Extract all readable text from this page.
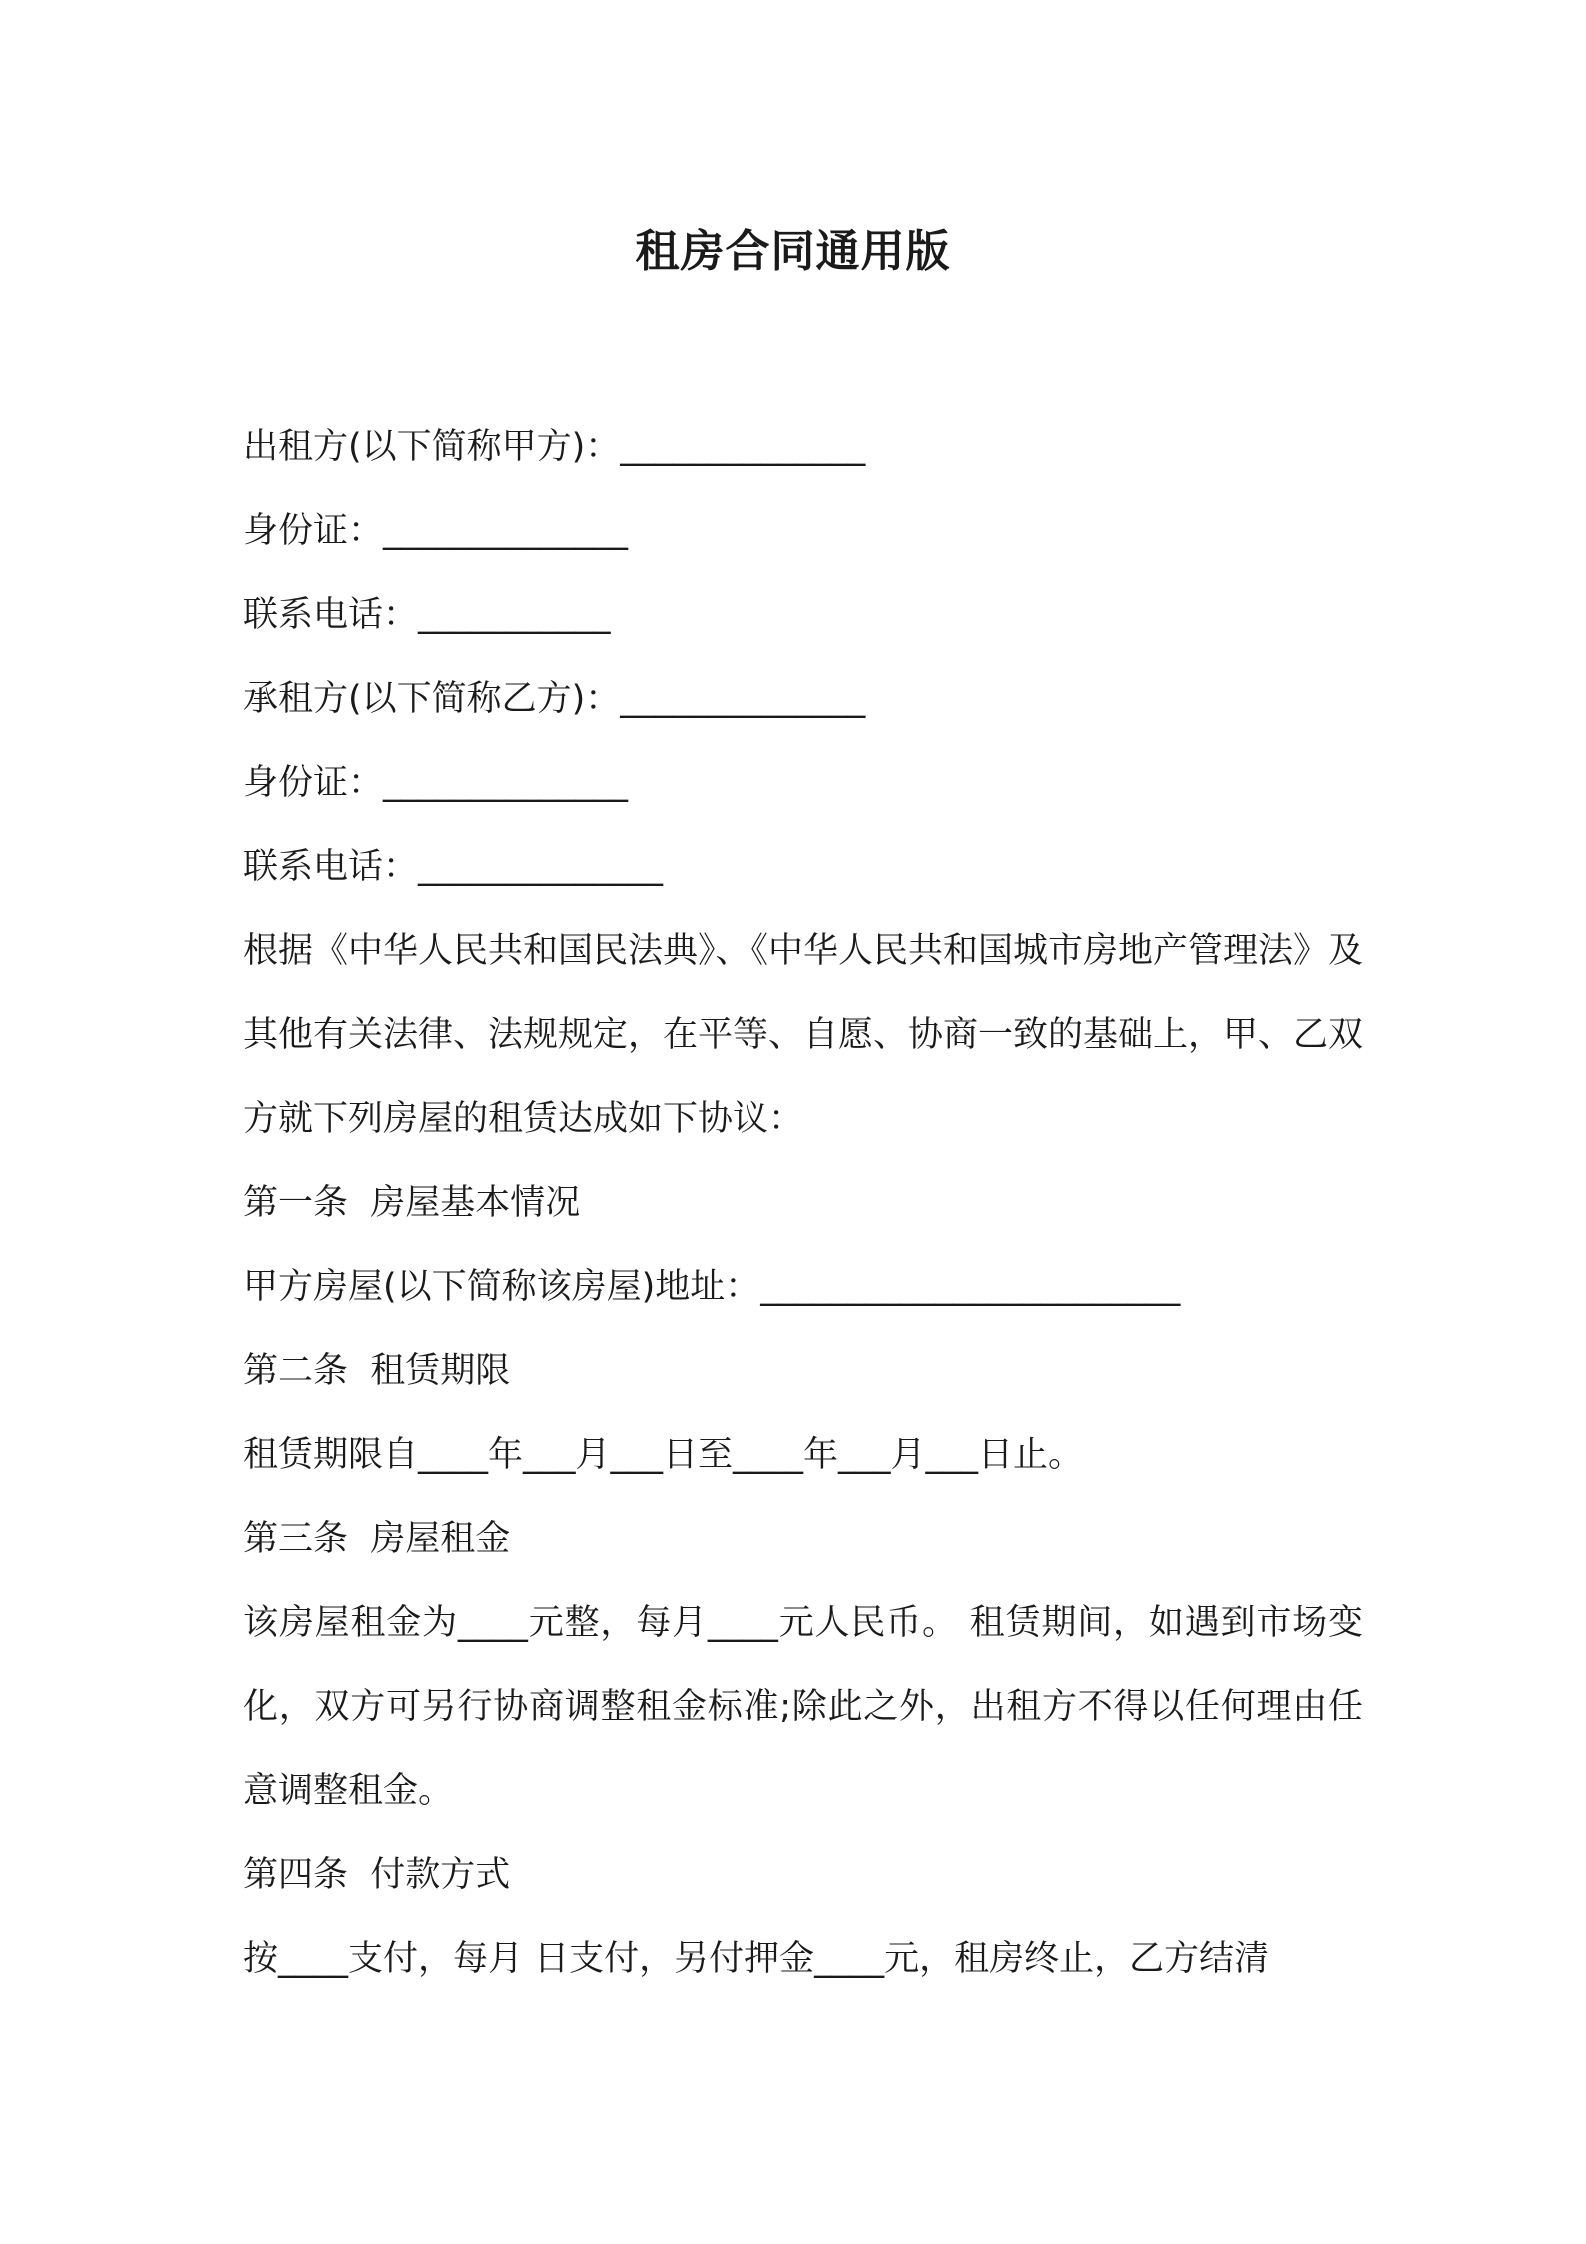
租房合同通用版
出租方(以下简称甲方)：______________
身份证：______________
联系电话：___________
承租方(以下简称乙方)：______________
身份证：______________
联系电话：______________
根据《中华人民共和国民法典》、《中华人民共和国城市房地产管理法》及其他有关法律、法规规定，在平等、自愿、协商一致的基础上，甲、乙双方就下列房屋的租赁达成如下协议：
第一条  房屋基本情况
甲方房屋(以下简称该房屋)地址：________________________
第二条  租赁期限
租赁期限自____年___月___日至____年___月___日止。
第三条  房屋租金
该房屋租金为____元整，每月____元人民币。 租赁期间，如遇到市场变化，双方可另行协商调整租金标准;除此之外，出租方不得以任何理由任意调整租金。
第四条  付款方式
按____支付，每月 日支付，另付押金____元，租房终止，乙方结清
